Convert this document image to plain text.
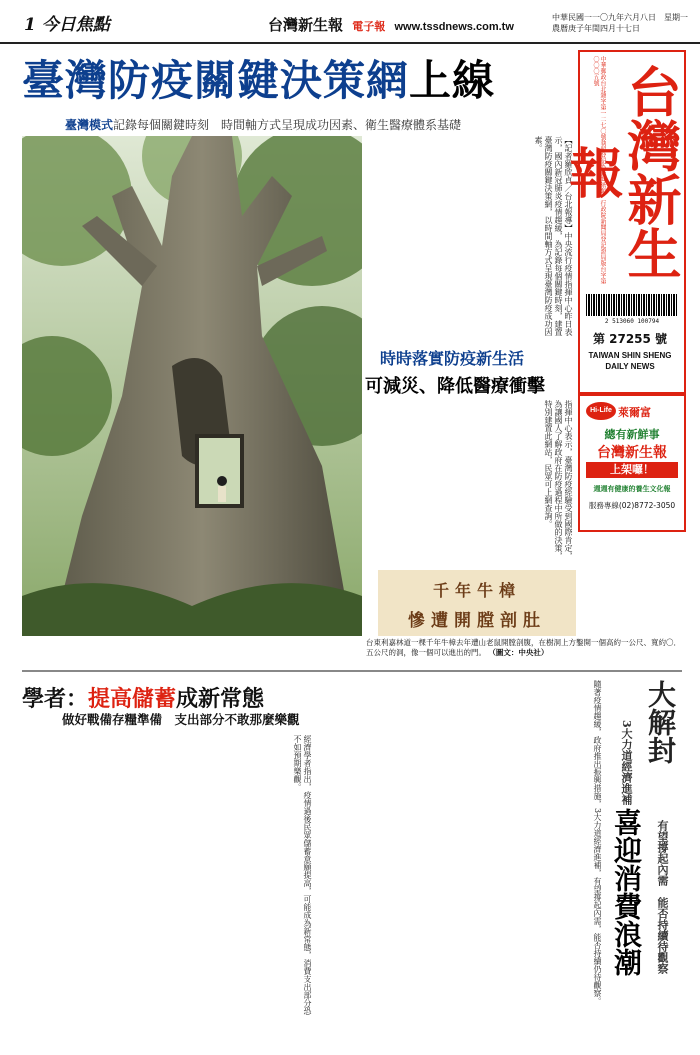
1 今日焦點	台灣新生報 電子報 www.tssdnews.com.tw
中華民國一一〇九年六月八日　星期一
農曆庚子年閏四月十七日
臺灣防疫關鍵決策網上線
臺灣模式記錄每個關鍵時刻　時間軸方式呈現成功因素、衛生醫療體系基礎
時時落實防疫新生活
可減災、降低醫療衝擊
【記者羅欣貞／台北報導】中央流行疫情指揮中心昨日表示，國內新冠肺炎疫情趨緩，為記錄每個關鍵時刻，建置臺灣防疫關鍵決策網，以時間軸方式呈現臺灣防疫成功因素。
指揮中心表示，臺灣防疫經驗受到國際肯定，為讓國人了解政府在防疫過程中所做的決策，特別建置此網站，民眾可上網查詢。
千年牛樟
慘遭開膛剖肚
台東利嘉林道一棵千年牛樟去年遭山老鼠開膛剖腹，在樹洞上方鑿開一個高約一公尺、寬約〇．五公尺的洞，像一個可以進出的門。 （圖文：中央社）
中華郵政台北雜字第一二七〇號執照登記為新聞紙類　行政院新聞局登記證局版台字第〇〇〇五號 台灣新生報
2 513060 100794
第 27255 號
TAIWAN SHIN SHENG
DAILY NEWS
Hi-Life 萊爾富
總有新鮮事
台灣新生報
上架囉！
週週有健康的養生文化報
服務專線(02)8772-3050
學者：提高儲蓄成新常態
做好戰備存糧準備　支出部分不敢那麼樂觀
經濟學者指出，疫情過後民眾儲蓄意願提高，可能成為新常態，消費支出部分恐不如預期樂觀。	隨著疫情趨緩，政府推出振興措施，3大力道經濟進補，有望撐起內需，能否持續仍待觀察。 大解封
喜迎消費浪潮
3大力道經濟進補
有望撐起內需　能否持續待觀察
